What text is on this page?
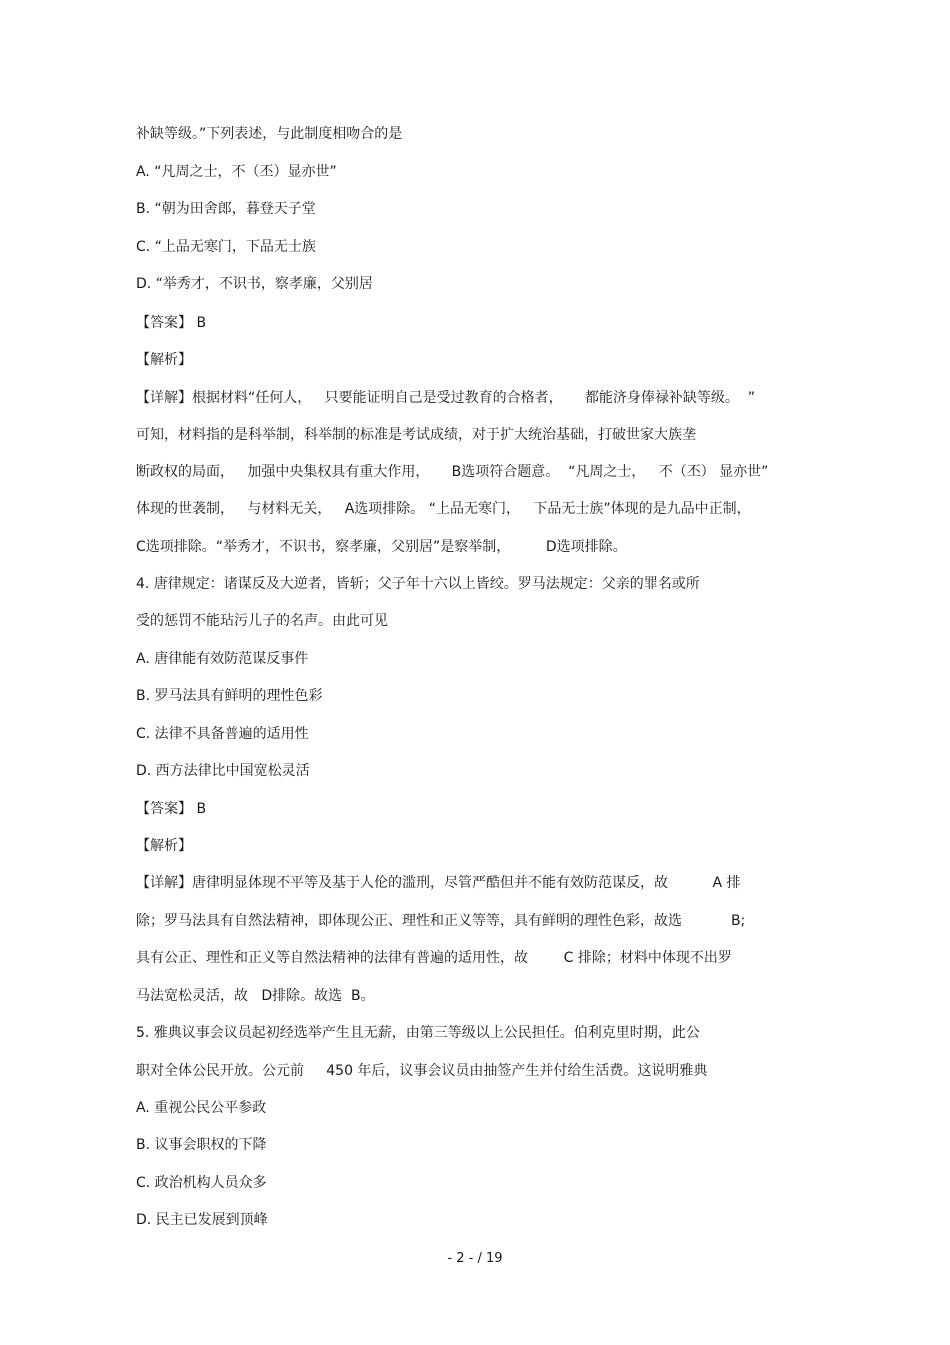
补缺等级。”下列表述，与此制度相吻合的是
A. “凡周之士，不（丕）显亦世”
B. “朝为田舍郎，暮登天子堂
C. “上品无寒门，下品无士族
D. “举秀才，不识书，察孝廉，父别居
【答案】 B
【解析】
【详解】根据材料“任何人，   只要能证明自己是受过教育的合格者，     都能济身俸禄补缺等级。  ”
可知，材料指的是科举制，科举制的标准是考试成绩，对于扩大统治基础，打破世家大族垄
断政权的局面，   加强中央集权具有重大作用，     B选项符合题意。  “凡周之士，   不（丕） 显亦世”
体现的世袭制，   与材料无关，   A选项排除。 “上品无寒门，   下品无士族”体现的是九品中正制，
C选项排除。“举秀才，不识书，察孝廉，父别居”是察举制，        D选项排除。
4. 唐律规定：诸谋反及大逆者，皆斩；父子年十六以上皆绞。罗马法规定：父亲的罪名或所
受的惩罚不能玷污儿子的名声。由此可见
A. 唐律能有效防范谋反事件
B. 罗马法具有鲜明的理性色彩
C. 法律不具备普遍的适用性
D. 西方法律比中国宽松灵活
【答案】 B
【解析】
【详解】唐律明显体现不平等及基于人伦的滥刑，尽管严酷但并不能有效防范谋反，故          A 排
除；罗马法具有自然法精神，即体现公正、理性和正义等等，具有鲜明的理性色彩，故选           B;
具有公正、理性和正义等自然法精神的法律有普遍的适用性，故        C 排除；材料中体现不出罗
马法宽松灵活，故   D排除。故选  B。
5. 雅典议事会议员起初经选举产生且无薪，由第三等级以上公民担任。伯利克里时期，此公
职对全体公民开放。公元前     450 年后，议事会议员由抽签产生并付给生活费。这说明雅典
A. 重视公民公平参政
B. 议事会职权的下降
C. 政治机构人员众多
D. 民主已发展到顶峰
- 2 - / 19
